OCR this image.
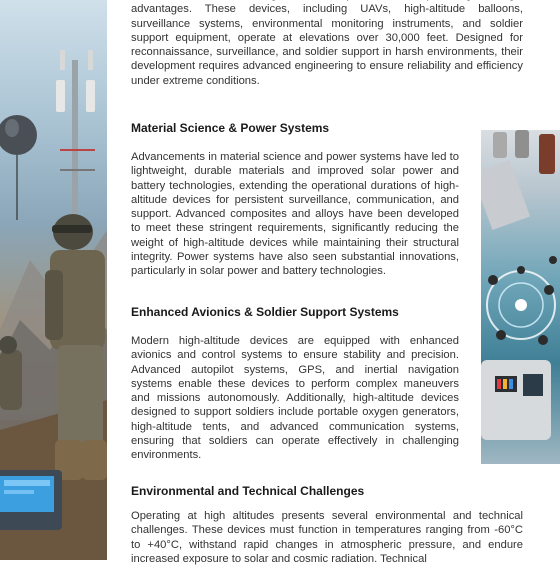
advantages. These devices, including UAVs, high-altitude balloons, surveillance systems, environmental monitoring instruments, and soldier support equipment, operate at elevations over 30,000 feet. Designed for reconnaissance, surveillance, and soldier support in harsh environments, their development requires advanced engineering to ensure reliability and efficiency under extreme conditions.

Material Science & Power Systems

Advancements in material science and power systems have led to lightweight, durable materials and improved solar power and battery technologies, extending the operational durations of high-altitude devices for persistent surveillance, communication, and support. Advanced composites and alloys have been developed to meet these stringent requirements, significantly reducing the weight of high-altitude devices while maintaining their structural integrity. Power systems have also seen substantial innovations, particularly in solar power and battery technologies.

Enhanced Avionics & Soldier Support Systems

Modern high-altitude devices are equipped with enhanced avionics and control systems to ensure stability and precision. Advanced autopilot systems, GPS, and inertial navigation systems enable these devices to perform complex maneuvers and missions autonomously. Additionally, high-altitude devices designed to support soldiers include portable oxygen generators, high-altitude tents, and advanced communication systems, ensuring that soldiers can operate effectively in challenging environments.

Environmental and Technical Challenges

Operating at high altitudes presents several environmental and technical challenges. These devices must function in temperatures ranging from -60°C to +40°C, withstand rapid changes in atmospheric pressure, and endure increased exposure to solar and cosmic radiation. Technical
